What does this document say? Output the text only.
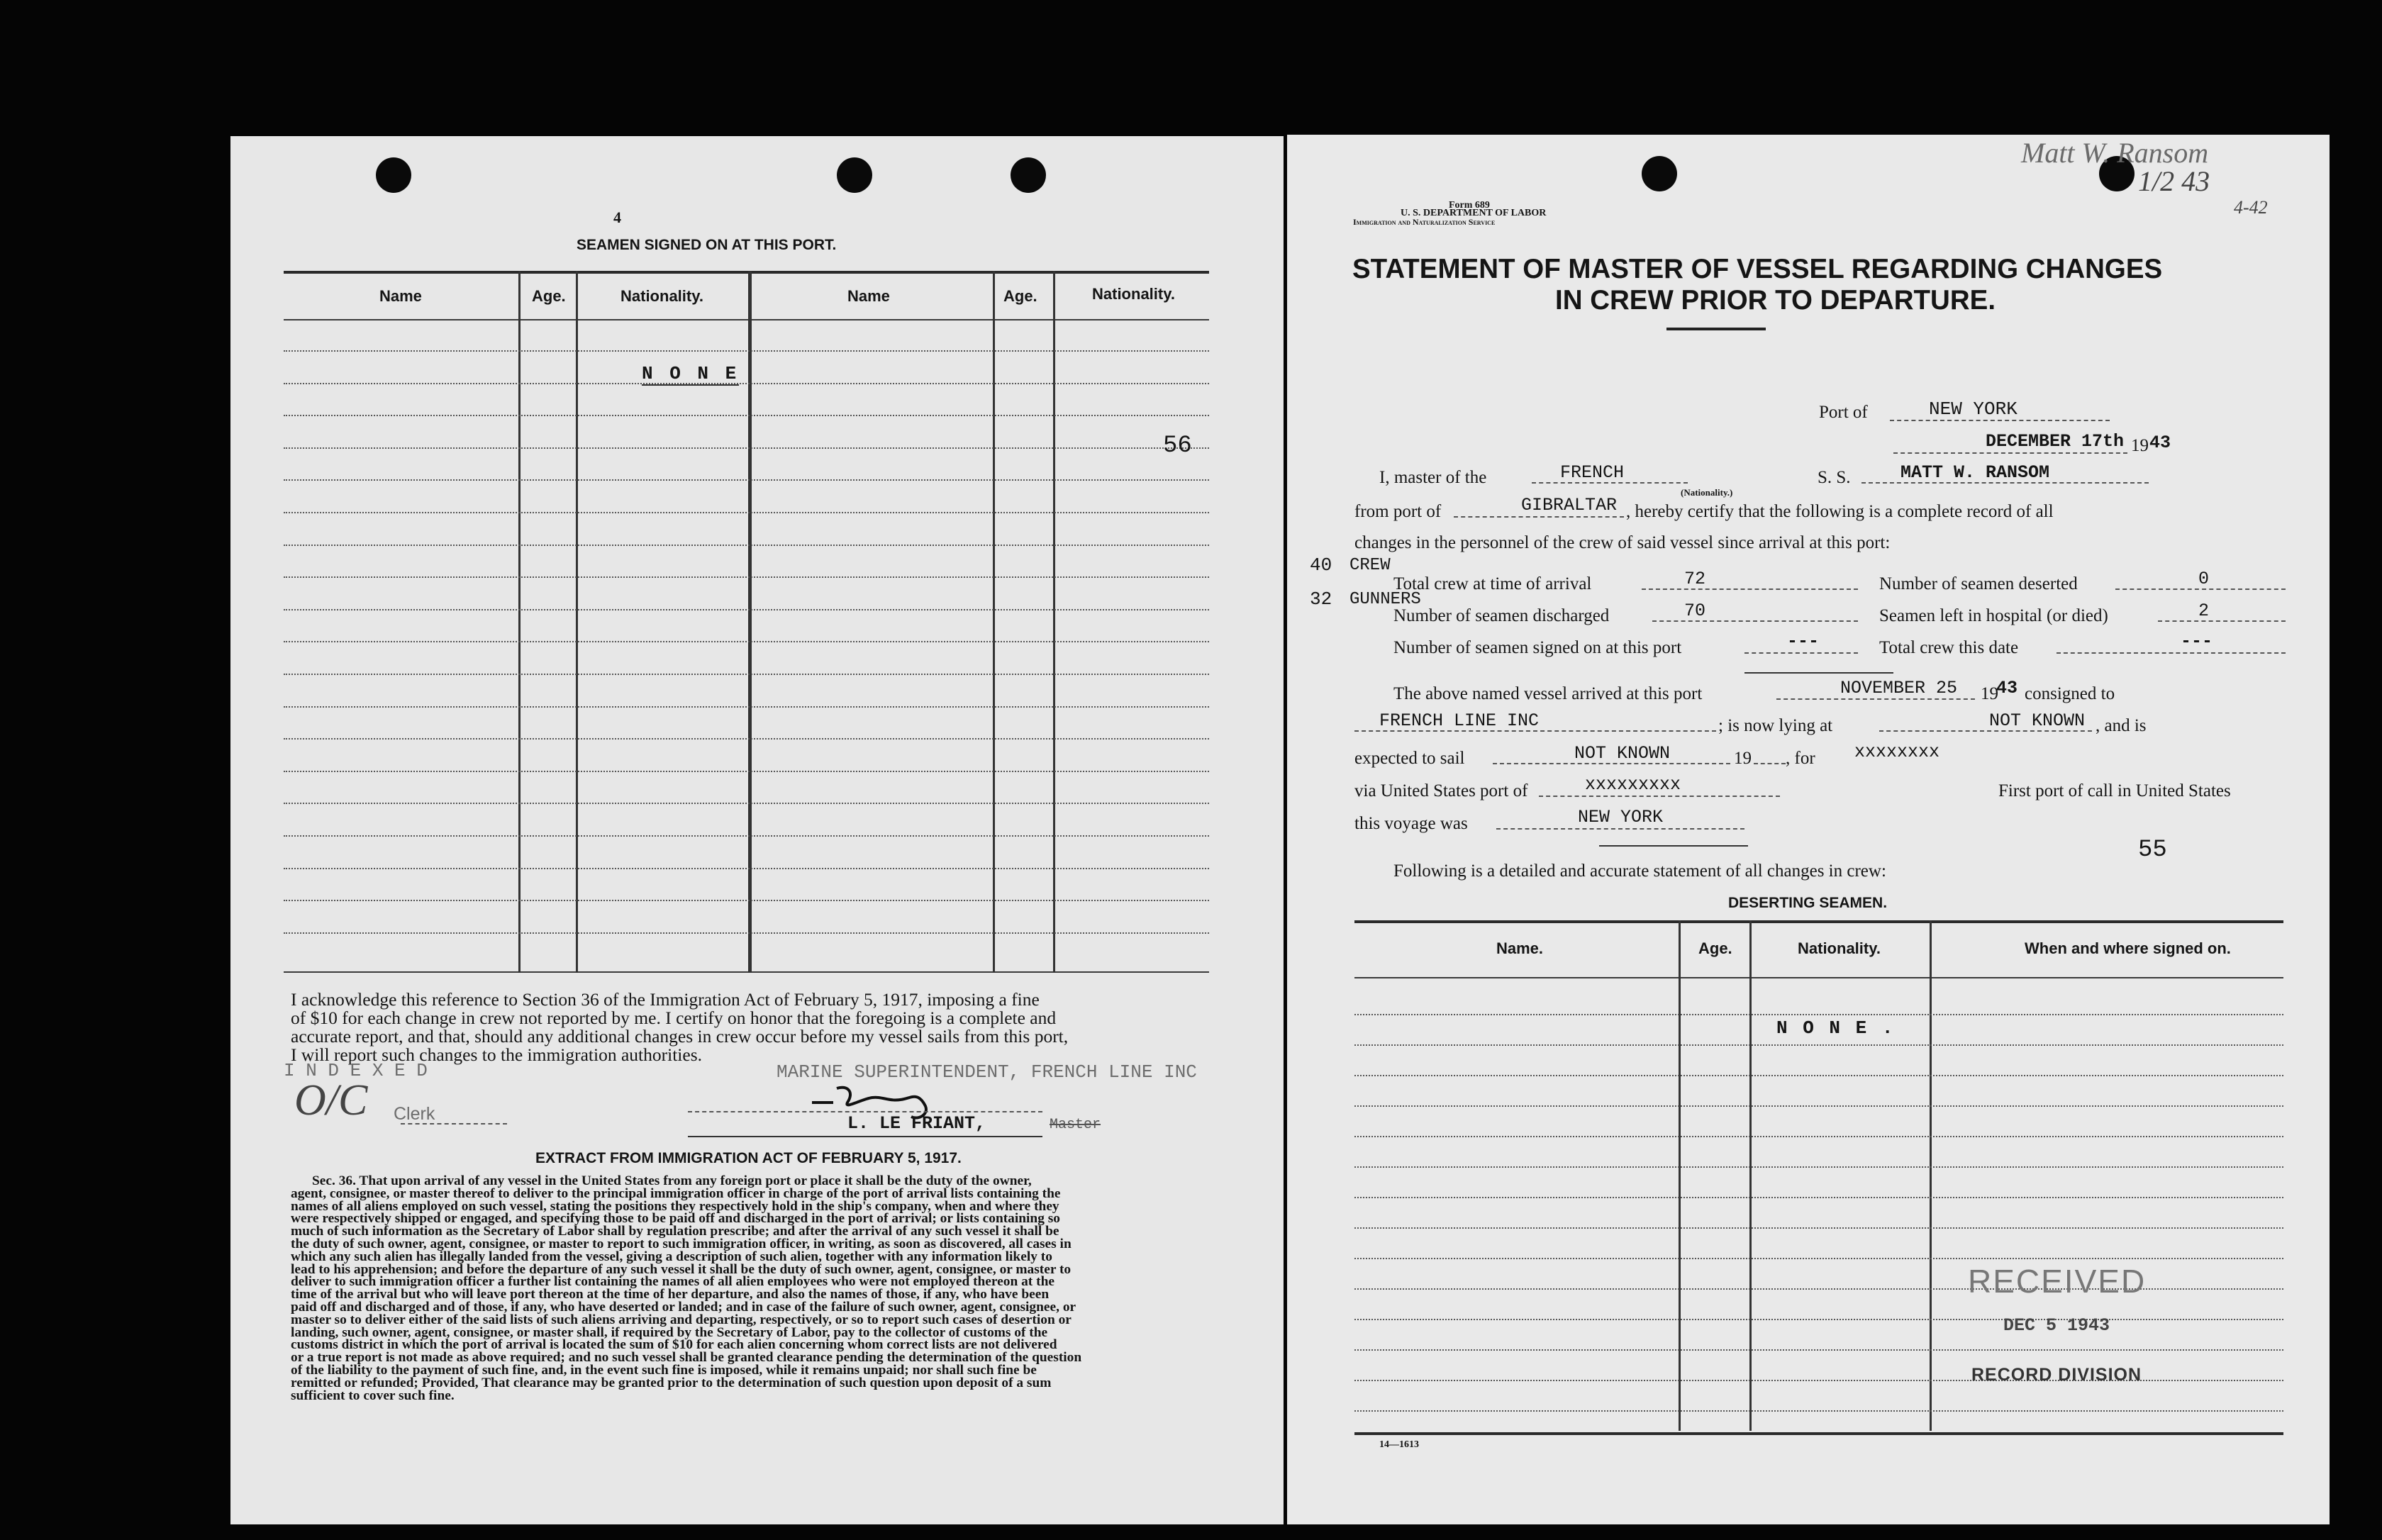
4
SEAMEN SIGNED ON AT THIS PORT.
Name	Age.	Nationality.	Name	Age.	Nationality.
N O N E
56
I acknowledge this reference to Section 36 of the Immigration Act of February 5, 1917, imposing a fine
of $10 for each change in crew not reported by me. I certify on honor that the foregoing is a complete and
accurate report, and that, should any additional changes in crew occur before my vessel sails from this port,
I will report such changes to the immigration authorities.
I N D E X E D
O/C Clerk
MARINE SUPERINTENDENT, FRENCH LINE INC
L. LE FRIANT,	Master
EXTRACT FROM IMMIGRATION ACT OF FEBRUARY 5, 1917.
Sec. 36. That upon arrival of any vessel in the United States from any foreign port or place it shall be the duty of the owner,
agent, consignee, or master thereof to deliver to the principal immigration officer in charge of the port of arrival lists containing the
names of all aliens employed on such vessel, stating the positions they respectively hold in the ship's company, when and where they
were respectively shipped or engaged, and specifying those to be paid off and discharged in the port of arrival; or lists containing so
much of such information as the Secretary of Labor shall by regulation prescribe; and after the arrival of any such vessel it shall be
the duty of such owner, agent, consignee, or master to report to such immigration officer, in writing, as soon as discovered, all cases in
which any such alien has illegally landed from the vessel, giving a description of such alien, together with any information likely to
lead to his apprehension; and before the departure of any such vessel it shall be the duty of such owner, agent, consignee, or master to
deliver to such immigration officer a further list containing the names of all alien employees who were not employed thereon at the
time of the arrival but who will leave port thereon at the time of her departure, and also the names of those, if any, who have been
paid off and discharged and of those, if any, who have deserted or landed; and in case of the failure of such owner, agent, consignee, or
master so to deliver either of the said lists of such aliens arriving and departing, respectively, or so to report such cases of desertion or
landing, such owner, agent, consignee, or master shall, if required by the Secretary of Labor, pay to the collector of customs of the
customs district in which the port of arrival is located the sum of $10 for each alien concerning whom correct lists are not delivered
or a true report is not made as above required; and no such vessel shall be granted clearance pending the determination of the question
of the liability to the payment of such fine, and, in the event such fine is imposed, while it remains unpaid; nor shall such fine be
remitted or refunded; Provided, That clearance may be granted prior to the determination of such question upon deposit of a sum
sufficient to cover such fine.
Matt W. Ransom
1/2 43
4-42
Form 689
U. S. DEPARTMENT OF LABOR
Immigration and Naturalization Service
STATEMENT OF MASTER OF VESSEL REGARDING CHANGES
IN CREW PRIOR TO DEPARTURE.
Port of	NEW YORK
DECEMBER 17th 19 43
I, master of the	FRENCH
(Nationality.)
S. S.	MATT W. RANSOM
from port of	GIBRALTAR , hereby certify that the following is a complete record of all
changes in the personnel of the crew of said vessel since arrival at this port:
40 CREW
32 GUNNERS
Total crew at time of arrival	72	Number of seamen deserted	0
Number of seamen discharged	70	Seamen left in hospital (or died)	2
Number of seamen signed on at this port	---	Total crew this date	---
The above named vessel arrived at this port	NOVEMBER 25 19
43 consigned to
FRENCH LINE INC	; is now lying at	NOT KNOWN , and is
expected to sail	NOT KNOWN	19 , for xxxxxxxx
via United States port of	xxxxxxxxx	First port of call in United States
this voyage was	NEW YORK
55
Following is a detailed and accurate statement of all changes in crew:
DESERTING SEAMEN.
Name.	Age.	Nationality.	When and where signed on.
N O N E .
RECEIVED
DEC 5 1943
RECORD DIVISION
14—1613
